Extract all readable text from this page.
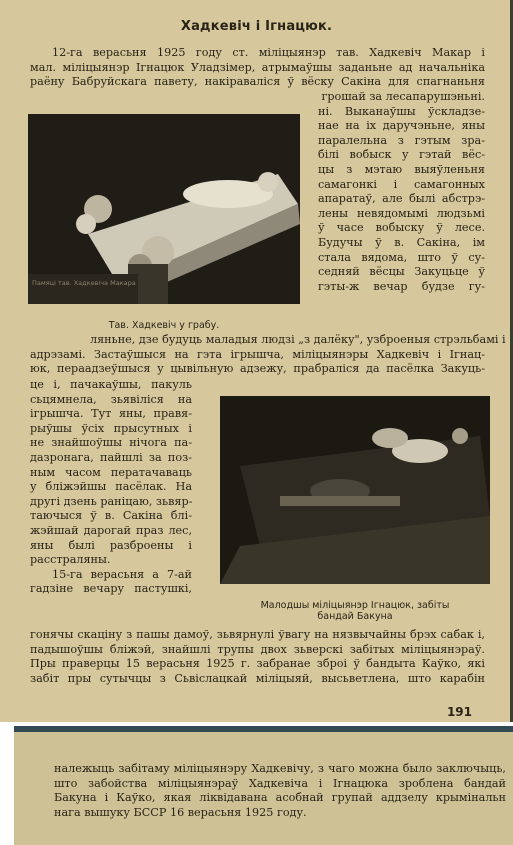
Хадкевіч і Ігнацюк.
12-га верасьня 1925 году ст. міліцыянэр тав. Хадкевіч Макар і
мал. міліцыянэр Ігнацюк Уладзімер, атрымаўшы заданьне ад начальніка
раёну Бабруйскага павету, накіраваліся ў вёску Сакіна для спагнаньня
Памяці тав. Хадкевіча Макара
Тав. Хадкевіч у грабу.
грошай за лесапарушэньні.
ні. Выканаўшы ўскладзе-
нае на іх даручэньне, яны
паралельна з гэтым зра-
білі вобыск у гэтай вёс-
цы з мэтаю выяўленьня
самагонкі і самагонных
апаратаў, але былі абстрэ-
лены невядомымі людзьмі
ў часе вобыску ў лесе.
Будучы ў в. Сакіна, ім
стала вядома, што ў су-
седняй вёсцы Закуцьце ў
гэты-ж вечар будзе гу-
ляньне, дзе будуць маладыя людзі „з далёку", узброеныя стрэльбамі і
адрэзамі. Застаўшыся на гэта ігрышча, міліцыянэры Хадкевіч і Ігнац-
юк, пераадзеўшыся у цывільную адзежу, прабраліся да пасёлка Закуць-
це і, пачакаўшы, пакуль
сьцямнела, зьявіліся на
ігрышча. Тут яны, правя-
рыўшы ўсіх прысутных і
не знайшоўшы нічога па-
дазронага, пайшлі за поз-
ным часом ператачаваць
у бліжэйшы пасёлак. На
другі дзень раніцаю, зьвяр-
таючыся ў в. Сакіна блі-
жэйшай дарогай праз лес,
яны былі разброены і
расстраляны.
15-га верасьня а 7-ай
гадзіне вечару пастушкі,
Малодшы міліцыянэр Ігнацюк, забіты
бандай Бакуна
гонячы скаціну з пашы дамоў, зьвярнулі ўвагу на нязвычайны брэх сабак і,
падышоўшы бліжэй, знайшлі трупы двох зьверскі забітых міліцыянэраў.
Пры праверцы 15 верасьня 1925 г. забранае зброі ў бандыта Каўко, які
забіт пры сутычцы з Сьвіслацкай міліцыяй, высьветлена, што карабін
191
належыць забітаму міліцыянэру Хадкевічу, з чаго можна было заключыць,
што забойства міліцыянэраў Хадкевіча і Ігнацюка зроблена бандай
Бакуна і Каўко, якая ліквідавана асобнай групай аддзелу крымінальн
нага вышуку БССР 16 верасьня 1925 году.
